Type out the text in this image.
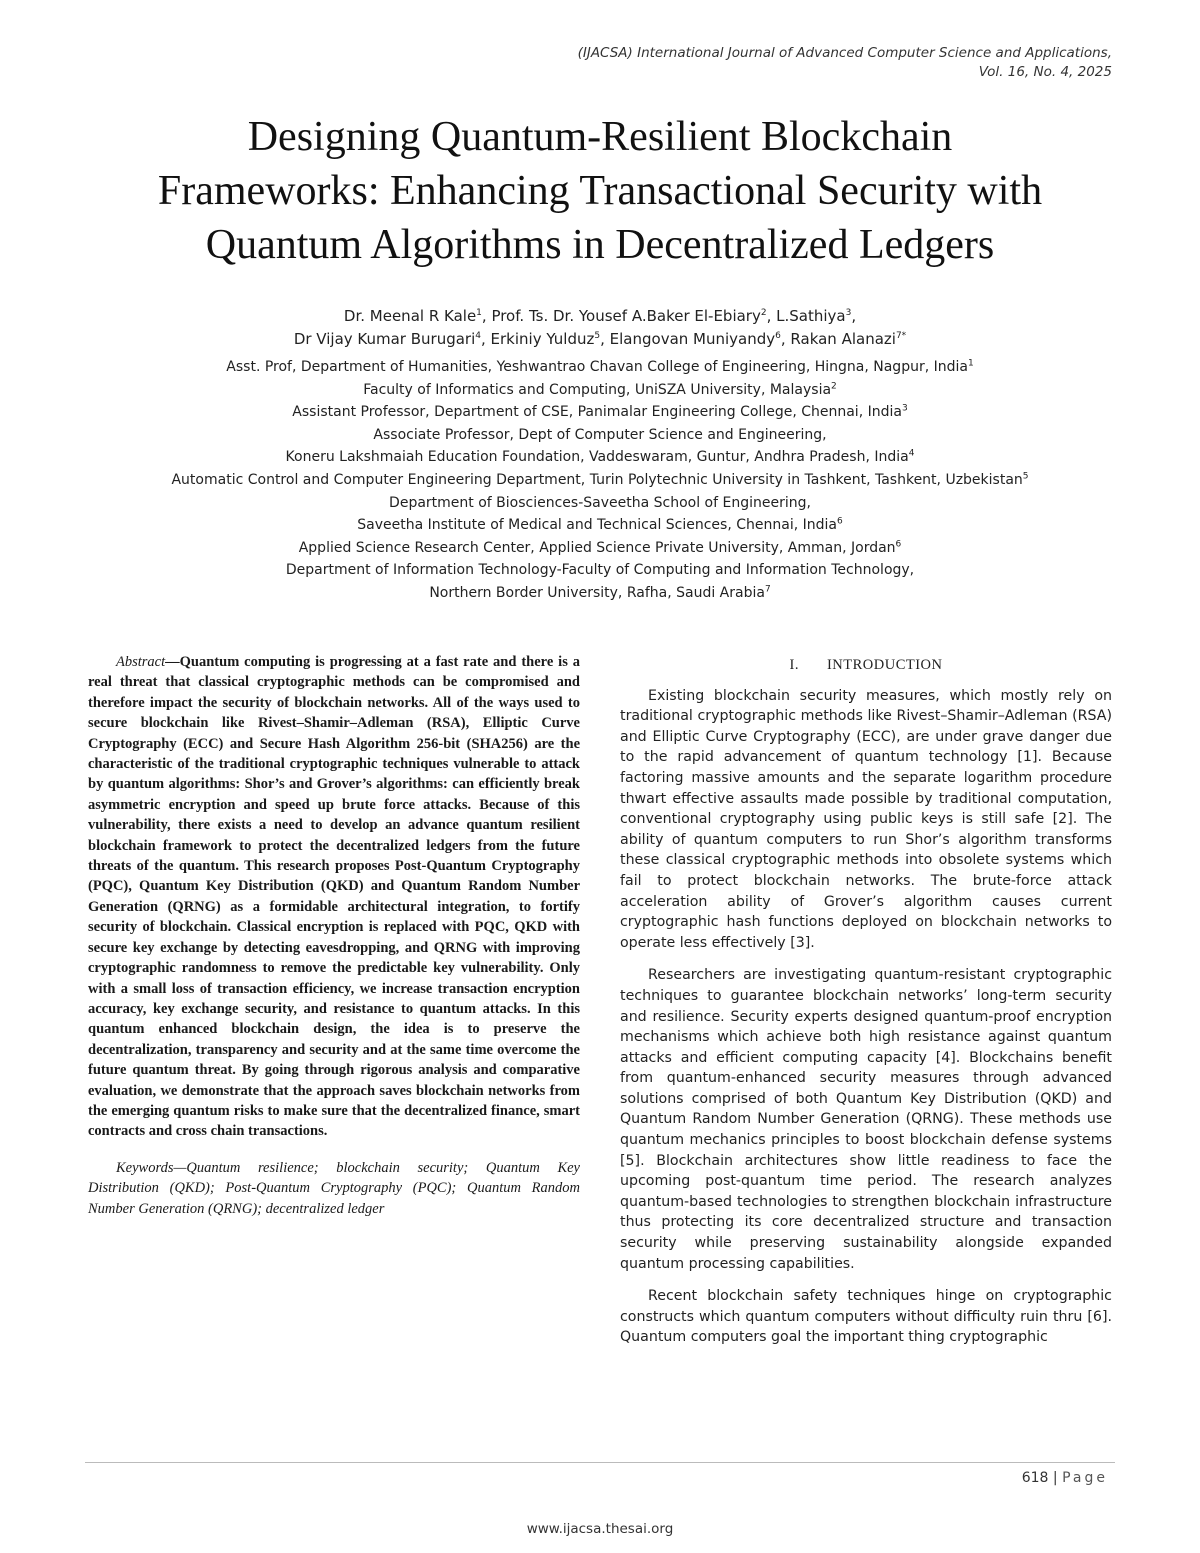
(IJACSA) International Journal of Advanced Computer Science and Applications,
Vol. 16, No. 4, 2025
Designing Quantum-Resilient Blockchain
Frameworks: Enhancing Transactional Security with
Quantum Algorithms in Decentralized Ledgers
Dr. Meenal R Kale$^1$, Prof. Ts. Dr. Yousef A.Baker El-Ebiary$^2$, L.Sathiya$^3$,
Dr Vijay Kumar Burugari$^4$, Erkiniy Yulduz$^5$, Elangovan Muniyandy$^6$, Rakan Alanazi$^{7*}$
Asst. Prof, Department of Humanities, Yeshwantrao Chavan College of Engineering, Hingna, Nagpur, India$^1$
Faculty of Informatics and Computing, UniSZA University, Malaysia$^2$
Assistant Professor, Department of CSE, Panimalar Engineering College, Chennai, India$^3$
Associate Professor, Dept of Computer Science and Engineering,
Koneru Lakshmaiah Education Foundation, Vaddeswaram, Guntur, Andhra Pradesh, India$^4$
Automatic Control and Computer Engineering Department, Turin Polytechnic University in Tashkent, Tashkent, Uzbekistan$^5$
Department of Biosciences-Saveetha School of Engineering,
Saveetha Institute of Medical and Technical Sciences, Chennai, India$^6$
Applied Science Research Center, Applied Science Private University, Amman, Jordan$^6$
Department of Information Technology-Faculty of Computing and Information Technology,
Northern Border University, Rafha, Saudi Arabia$^7$

Abstract—Quantum computing is progressing at a fast rate and there is a real threat that classical cryptographic methods can be compromised and therefore impact the security of blockchain networks. All of the ways used to secure blockchain like Rivest–Shamir–Adleman (RSA), Elliptic Curve Cryptography (ECC) and Secure Hash Algorithm 256-bit (SHA256) are the characteristic of the traditional cryptographic techniques vulnerable to attack by quantum algorithms: Shor’s and Grover’s algorithms: can efficiently break asymmetric encryption and speed up brute force attacks. Because of this vulnerability, there exists a need to develop an advance quantum resilient blockchain framework to protect the decentralized ledgers from the future threats of the quantum. This research proposes Post-Quantum Cryptography (PQC), Quantum Key Distribution (QKD) and Quantum Random Number Generation (QRNG) as a formidable architectural integration, to fortify security of blockchain. Classical encryption is replaced with PQC, QKD with secure key exchange by detecting eavesdropping, and QRNG with improving cryptographic randomness to remove the predictable key vulnerability. Only with a small loss of transaction efficiency, we increase transaction encryption accuracy, key exchange security, and resistance to quantum attacks. In this quantum enhanced blockchain design, the idea is to preserve the decentralization, transparency and security and at the same time overcome the future quantum threat. By going through rigorous analysis and comparative evaluation, we demonstrate that the approach saves blockchain networks from the emerging quantum risks to make sure that the decentralized finance, smart contracts and cross chain transactions.

Keywords—Quantum resilience; blockchain security; Quantum Key Distribution (QKD); Post-Quantum Cryptography (PQC); Quantum Random Number Generation (QRNG); decentralized ledger

I. INTRODUCTION

Existing blockchain security measures, which mostly rely on traditional cryptographic methods like Rivest–Shamir–Adleman (RSA) and Elliptic Curve Cryptography (ECC), are under grave danger due to the rapid advancement of quantum technology [1]. Because factoring massive amounts and the separate logarithm procedure thwart effective assaults made possible by traditional computation, conventional cryptography using public keys is still safe [2]. The ability of quantum computers to run Shor’s algorithm transforms these classical cryptographic methods into obsolete systems which fail to protect blockchain networks. The brute-force attack acceleration ability of Grover’s algorithm causes current cryptographic hash functions deployed on blockchain networks to operate less effectively [3].

Researchers are investigating quantum-resistant cryptographic techniques to guarantee blockchain networks’ long-term security and resilience. Security experts designed quantum-proof encryption mechanisms which achieve both high resistance against quantum attacks and efficient computing capacity [4]. Blockchains benefit from quantum-enhanced security measures through advanced solutions comprised of both Quantum Key Distribution (QKD) and Quantum Random Number Generation (QRNG). These methods use quantum mechanics principles to boost blockchain defense systems [5]. Blockchain architectures show little readiness to face the upcoming post-quantum time period. The research analyzes quantum-based technologies to strengthen blockchain infrastructure thus protecting its core decentralized structure and transaction security while preserving sustainability alongside expanded quantum processing capabilities.

Recent blockchain safety techniques hinge on cryptographic constructs which quantum computers without difficulty ruin thru [6]. Quantum computers goal the important thing cryptographic

618 | Page
www.ijacsa.thesai.org
